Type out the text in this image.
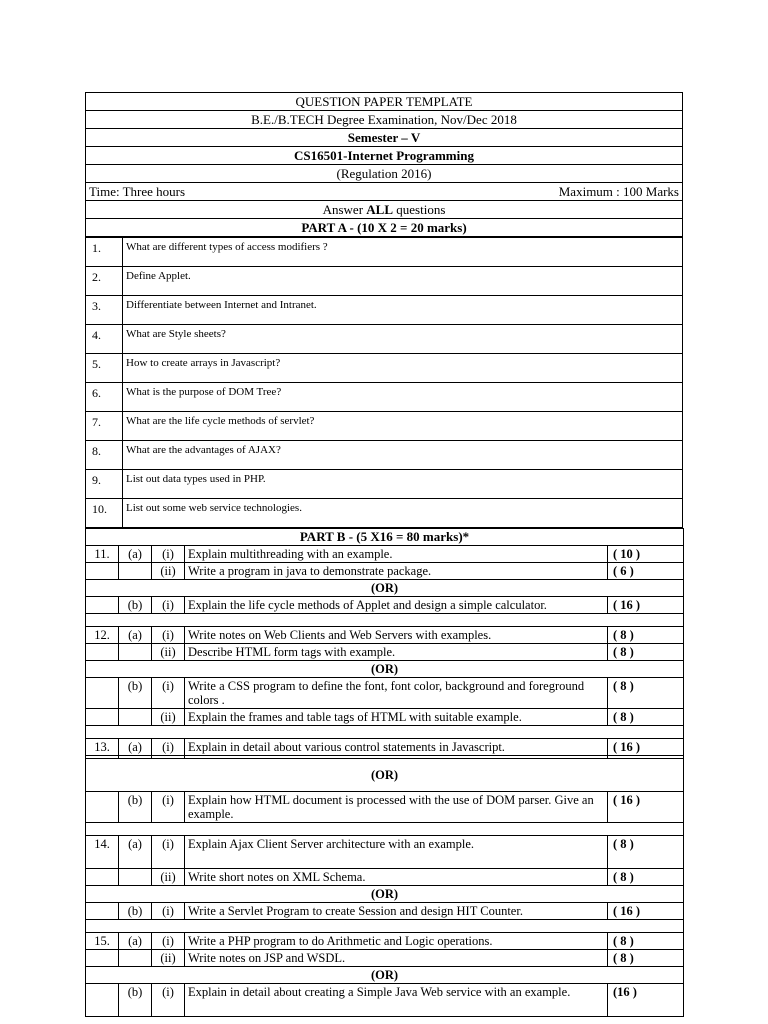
QUESTION PAPER TEMPLATE
B.E./B.TECH Degree Examination, Nov/Dec 2018
Semester – V
CS16501-Internet Programming
(Regulation 2016)

Time: Three hours	Maximum : 100 Marks

Answer ALL questions
PART A - (10 X 2 = 20 marks)
1.	What are different types of access modifiers ?
2.	Define Applet.
3.	Differentiate between Internet and Intranet.
4.	What are Style sheets?
5.	How to create arrays in Javascript?
6.	What is the purpose of DOM Tree?
7.	What are the life cycle methods of servlet?
8.	What are the advantages of AJAX?
9.	List out data types used in PHP.
10.	List out some web service technologies.
PART B - (5 X16 = 80 marks)*				
11.	(a)	(i)	Explain multithreading with an example.	( 10 )
		(ii)	Write a program in java to demonstrate package.	( 6 )
(OR)				
	(b)	(i)	Explain the life cycle methods of Applet and design a simple calculator.	( 16 )

12.	(a)	(i)	Write notes on Web Clients and Web Servers with examples.	( 8 )
		(ii)	Describe HTML form tags with example.	( 8 )
(OR)				
	(b)	(i)	Write a CSS program to define the font, font color, background and foreground colors .	( 8 )
		(ii)	Explain the frames and table tags of HTML with suitable example.	( 8 )

13.	(a)	(i)	Explain in detail about various control statements in Javascript.	( 16 )

(OR)				
	(b)	(i)	Explain how HTML document is processed with the use of DOM parser. Give an example.	( 16 )

14.	(a)	(i)	Explain Ajax Client Server architecture with an example.	( 8 )
		(ii)	Write short notes on XML Schema.	( 8 )
(OR)				
	(b)	(i)	Write a Servlet Program to create Session and design HIT Counter.	( 16 )

15.	(a)	(i)	Write a PHP program to do Arithmetic and Logic operations.	( 8 )
		(ii)	Write notes on JSP and WSDL.	( 8 )
(OR)				
	(b)	(i)	Explain in detail about creating a Simple Java Web service with an example.	(16 )
